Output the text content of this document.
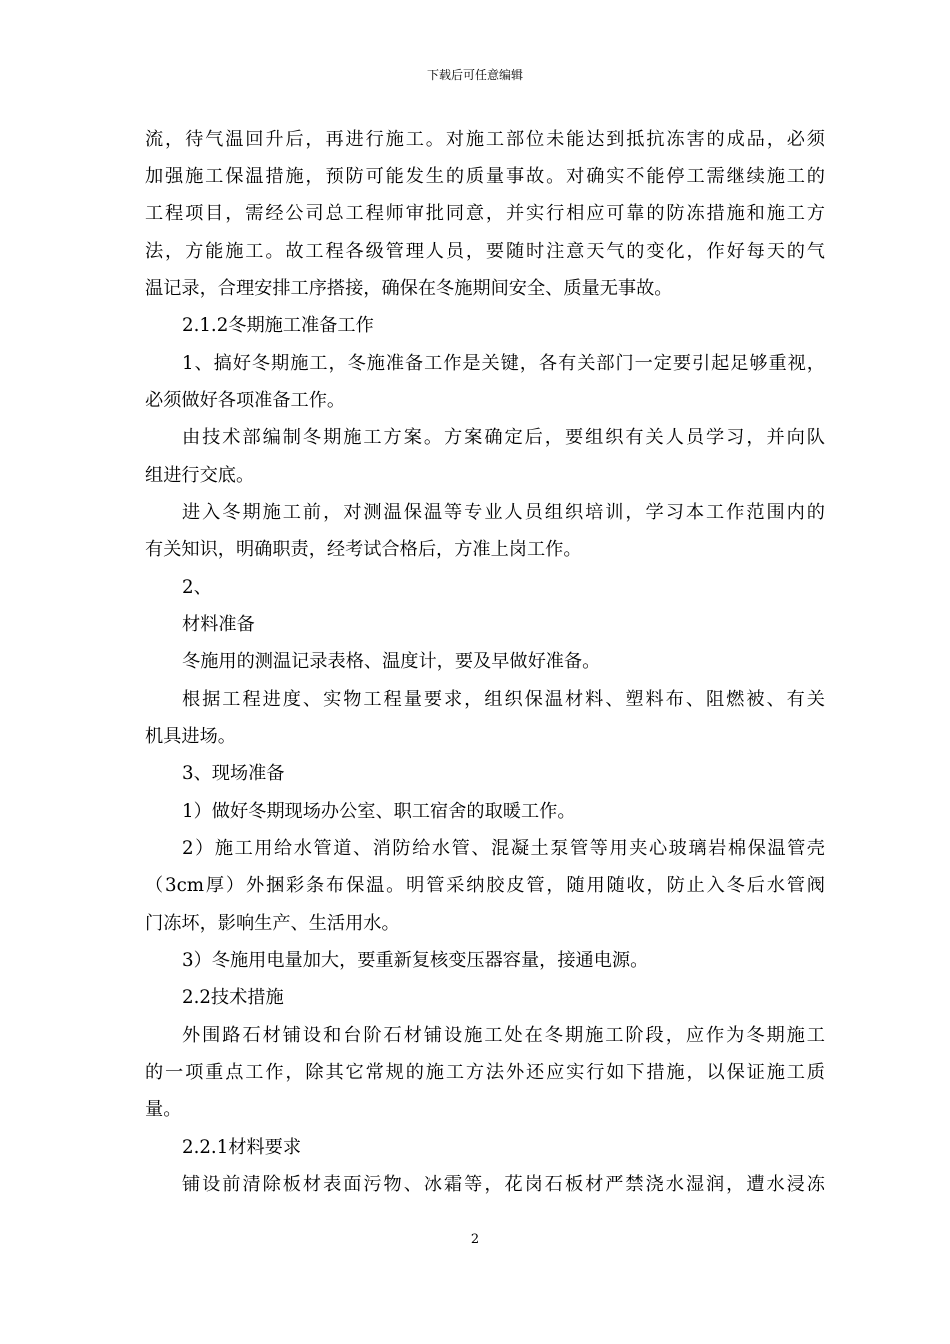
下载后可任意编辑
流，待气温回升后，再进行施工。对施工部位未能达到抵抗冻害的成品，必须
加强施工保温措施，预防可能发生的质量事故。对确实不能停工需继续施工的
工程项目，需经公司总工程师审批同意，并实行相应可靠的防冻措施和施工方
法，方能施工。故工程各级管理人员，要随时注意天气的变化，作好每天的气
温记录，合理安排工序搭接，确保在冬施期间安全、质量无事故。
2.1.2冬期施工准备工作
1、搞好冬期施工，冬施准备工作是关键，各有关部门一定要引起足够重视，
必须做好各项准备工作。
由技术部编制冬期施工方案。方案确定后，要组织有关人员学习，并向队
组进行交底。
进入冬期施工前，对测温保温等专业人员组织培训，学习本工作范围内的
有关知识，明确职责，经考试合格后，方准上岗工作。
2、
材料准备
冬施用的测温记录表格、温度计，要及早做好准备。
根据工程进度、实物工程量要求，组织保温材料、塑料布、阻燃被、有关
机具进场。
3、现场准备
1）做好冬期现场办公室、职工宿舍的取暖工作。
2）施工用给水管道、消防给水管、混凝土泵管等用夹心玻璃岩棉保温管壳
（3cm厚）外捆彩条布保温。明管采纳胶皮管，随用随收，防止入冬后水管阀
门冻坏，影响生产、生活用水。
3）冬施用电量加大，要重新复核变压器容量，接通电源。
2.2技术措施
外围路石材铺设和台阶石材铺设施工处在冬期施工阶段，应作为冬期施工
的一项重点工作，除其它常规的施工方法外还应实行如下措施，以保证施工质
量。
2.2.1材料要求
铺设前清除板材表面污物、冰霜等，花岗石板材严禁浇水湿润，遭水浸冻
2
